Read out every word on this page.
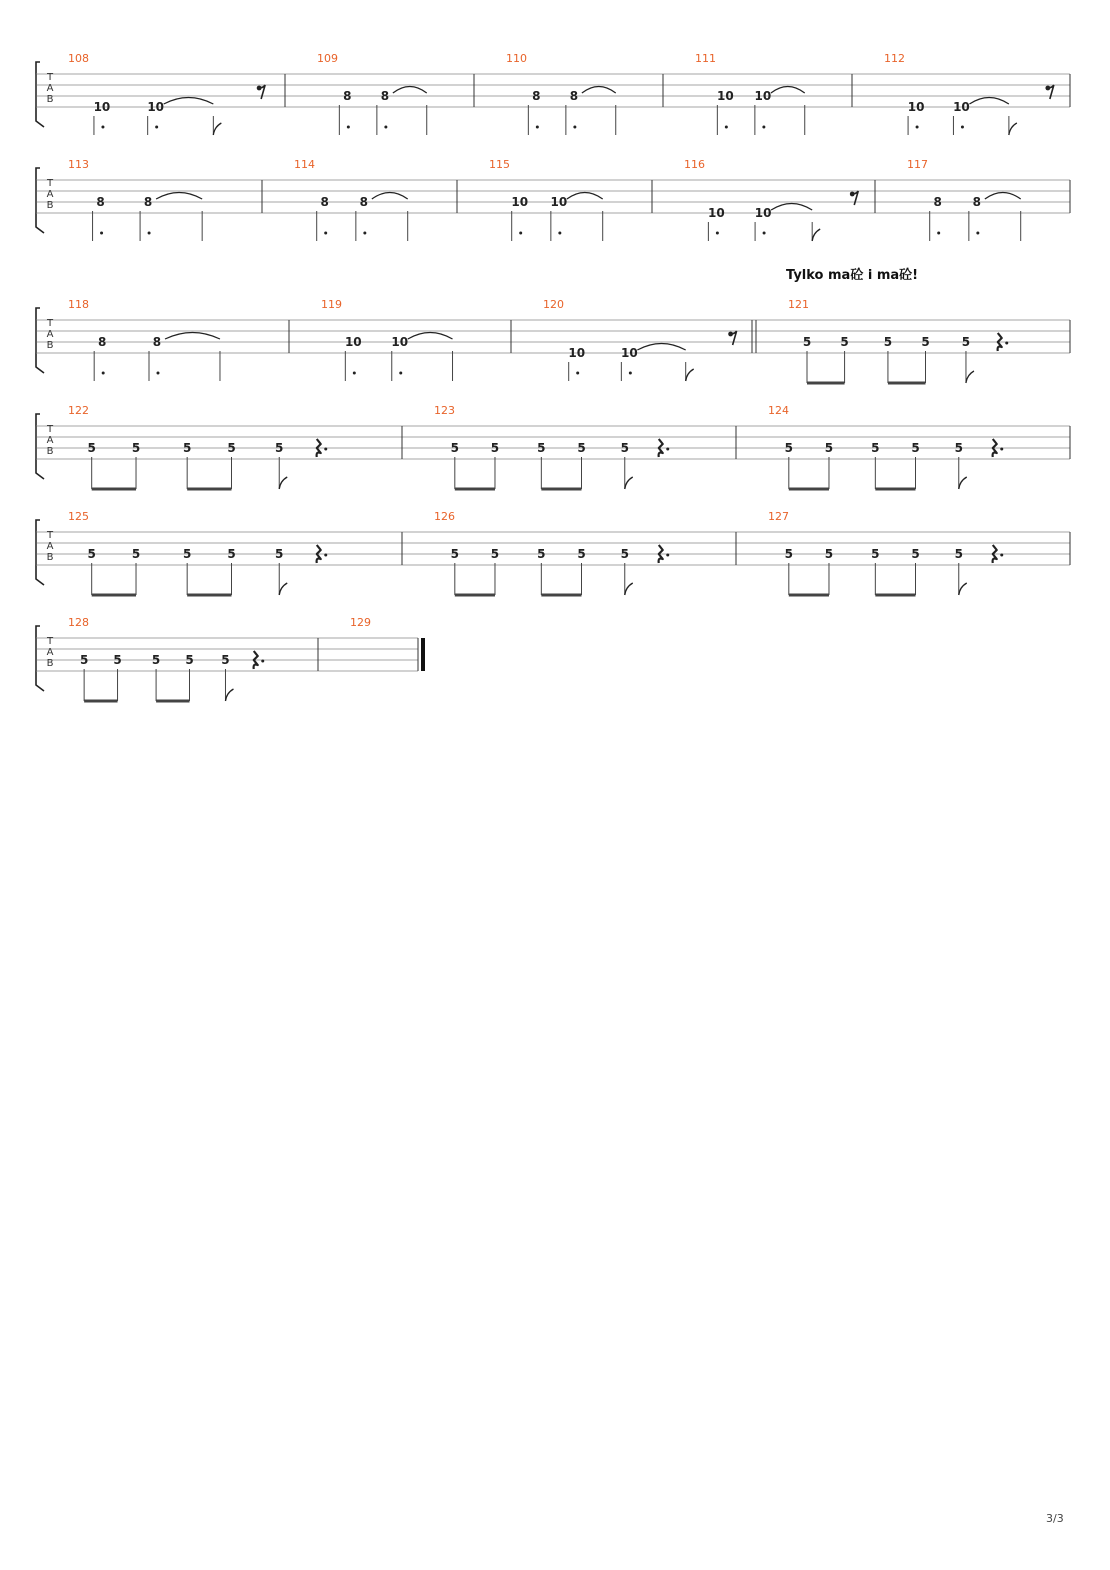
T
A
B
108
10	10
109
8 8
110
8 8
111
10 10
112
10 10
T
A
B
113
8	8
114
8	8
115
10 10
116
10	10
117
8	8
T
A
B
118
8	8
119
10 10
120
10	10
121
5 5	5 5	5
T
A
B
122
5	5	5	5	5
123
5	5	5	5	5
124
5	5	5	5	5
T
A
B
125
5	5	5	5	5
126
5	5	5	5	5
127
5	5	5	5	5
T
A
B
128
5 5	5 5 5
129
Tylko ma砼 i ma砼!
3/3
